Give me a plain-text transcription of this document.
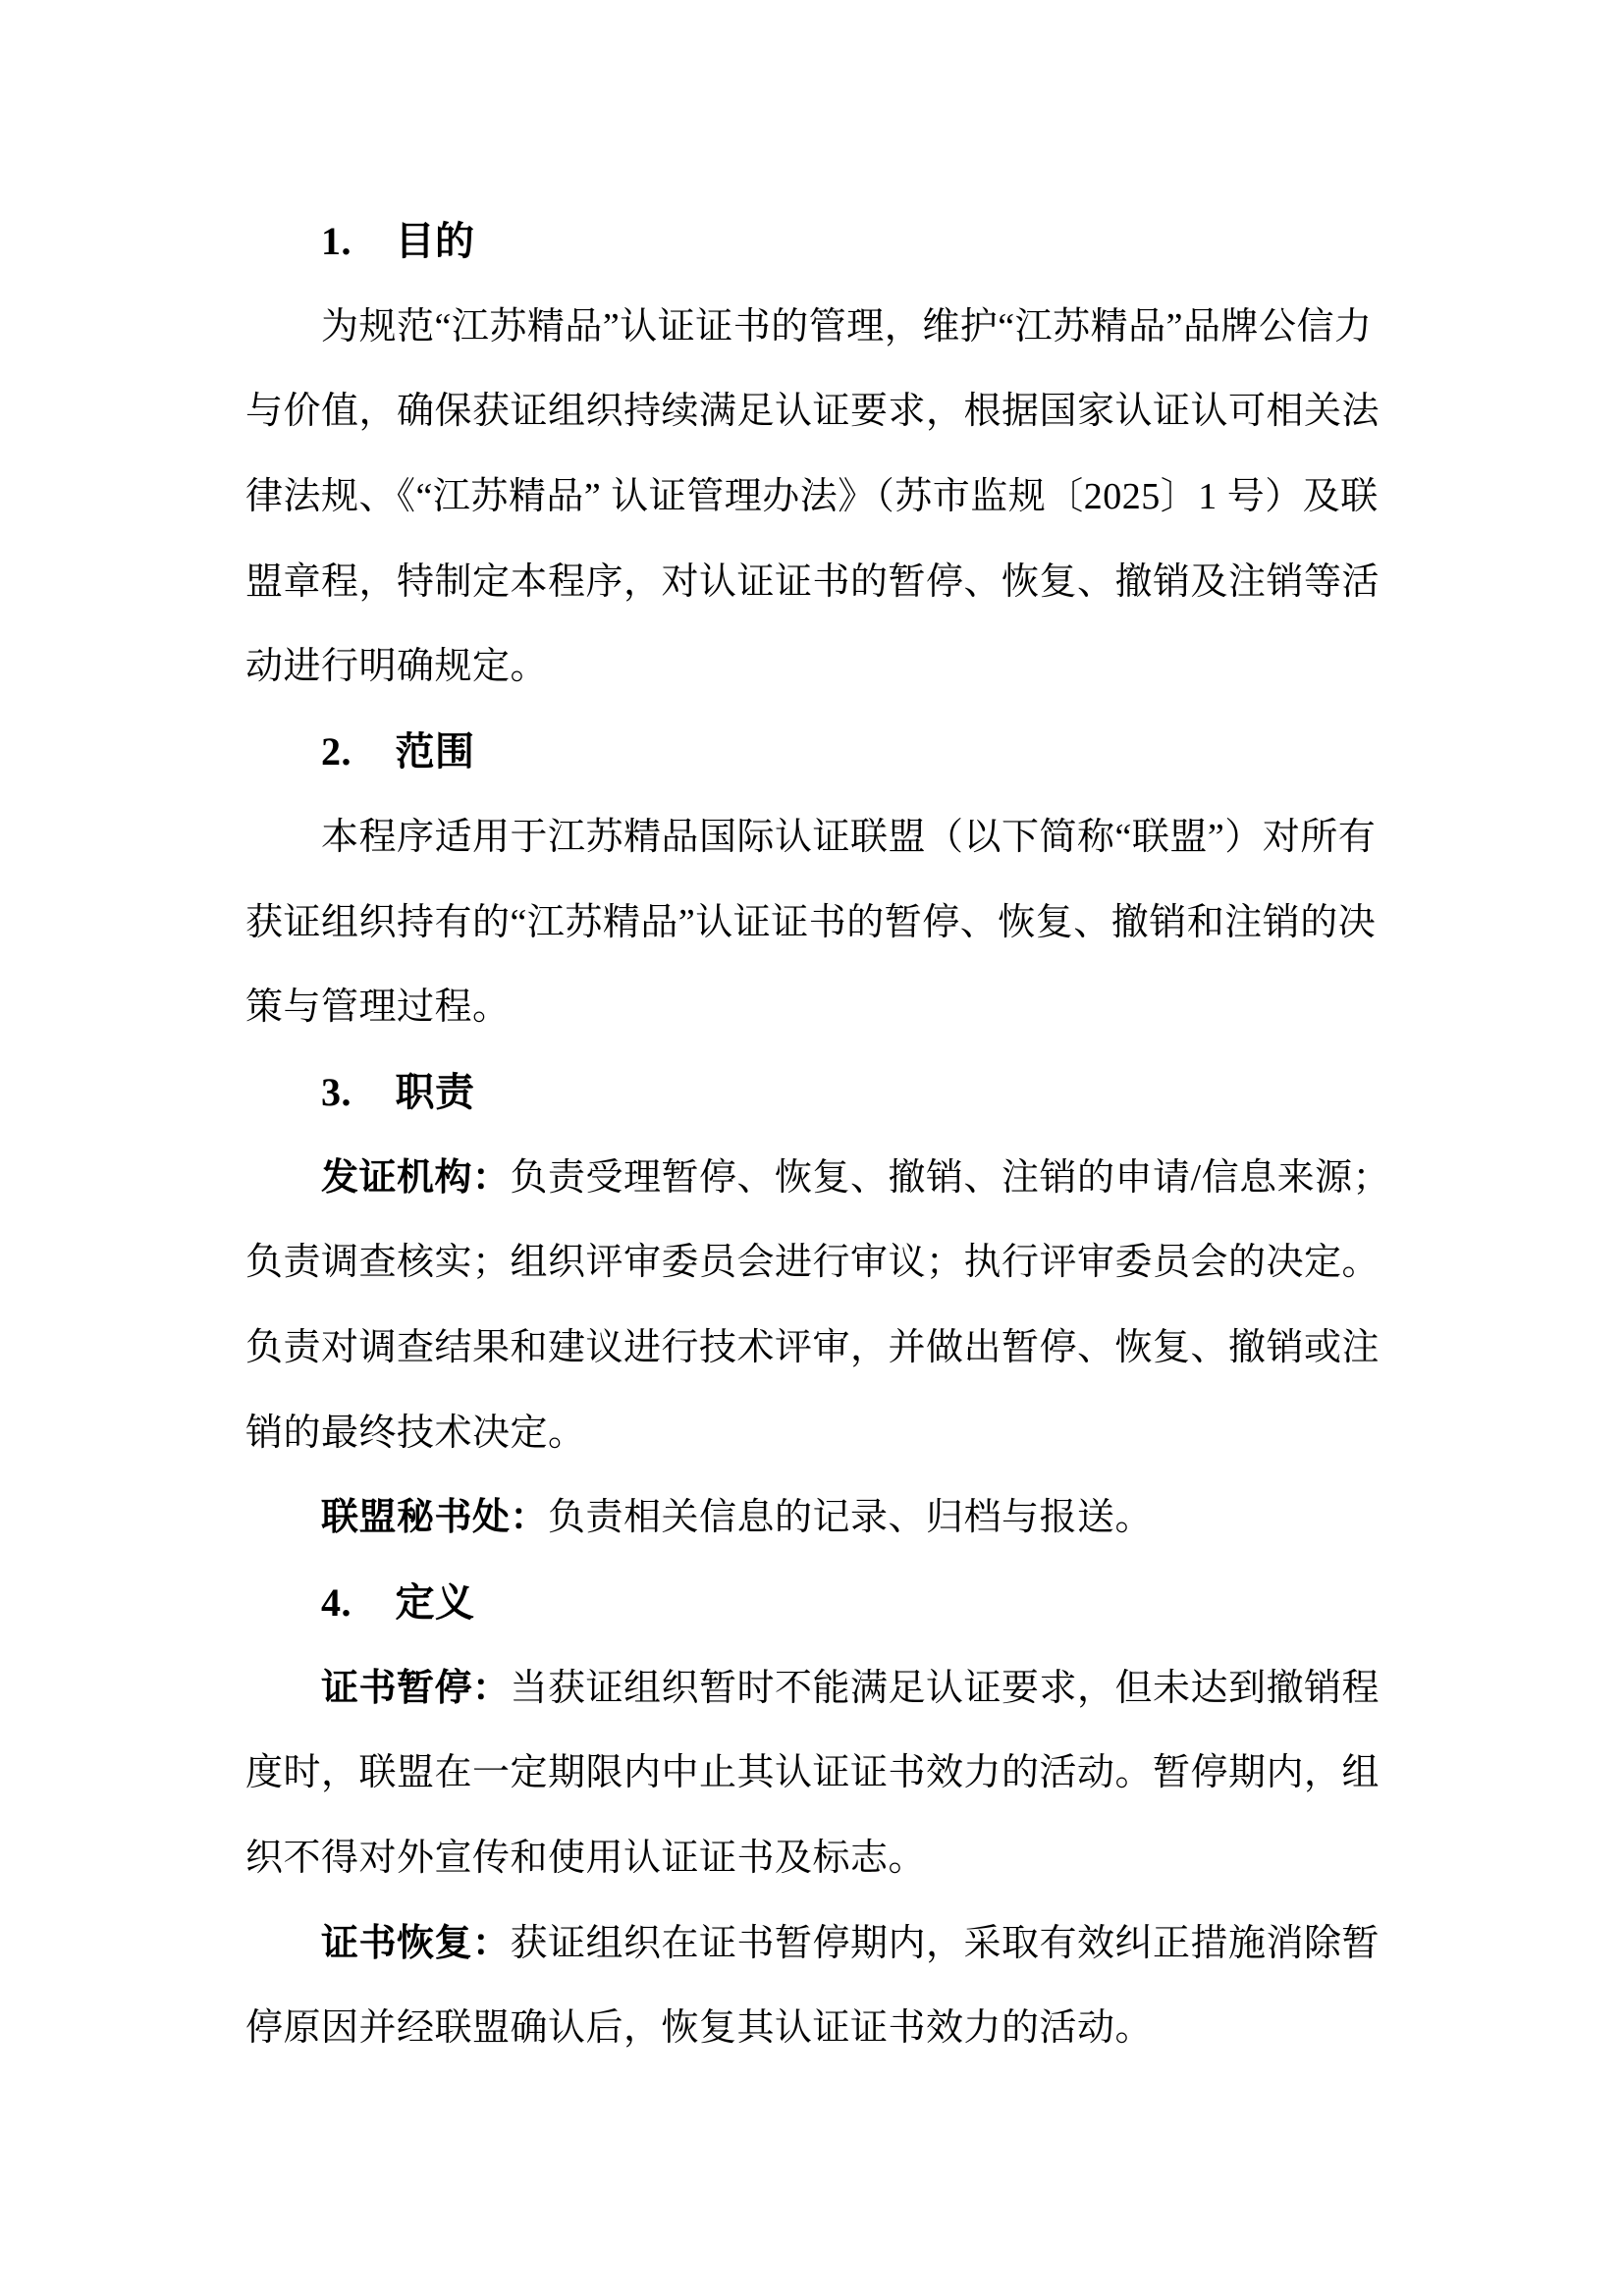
1. 目的
为规范“江苏精品”认证证书的管理，维护“江苏精品”品牌公信力
与价值，确保获证组织持续满足认证要求，根据国家认证认可相关法
律法规、《“江苏精品” 认证管理办法》（苏市监规〔2025〕1 号）及联
盟章程，特制定本程序，对认证证书的暂停、恢复、撤销及注销等活
动进行明确规定。
2. 范围
本程序适用于江苏精品国际认证联盟（以下简称“联盟”）对所有
获证组织持有的“江苏精品”认证证书的暂停、恢复、撤销和注销的决
策与管理过程。
3. 职责
发证机构：负责受理暂停、恢复、撤销、注销的申请/信息来源；
负责调查核实；组织评审委员会进行审议；执行评审委员会的决定。
负责对调查结果和建议进行技术评审，并做出暂停、恢复、撤销或注
销的最终技术决定。
联盟秘书处：负责相关信息的记录、归档与报送。
4. 定义
证书暂停：当获证组织暂时不能满足认证要求，但未达到撤销程
度时，联盟在一定期限内中止其认证证书效力的活动。暂停期内，组
织不得对外宣传和使用认证证书及标志。
证书恢复：获证组织在证书暂停期内，采取有效纠正措施消除暂
停原因并经联盟确认后，恢复其认证证书效力的活动。
